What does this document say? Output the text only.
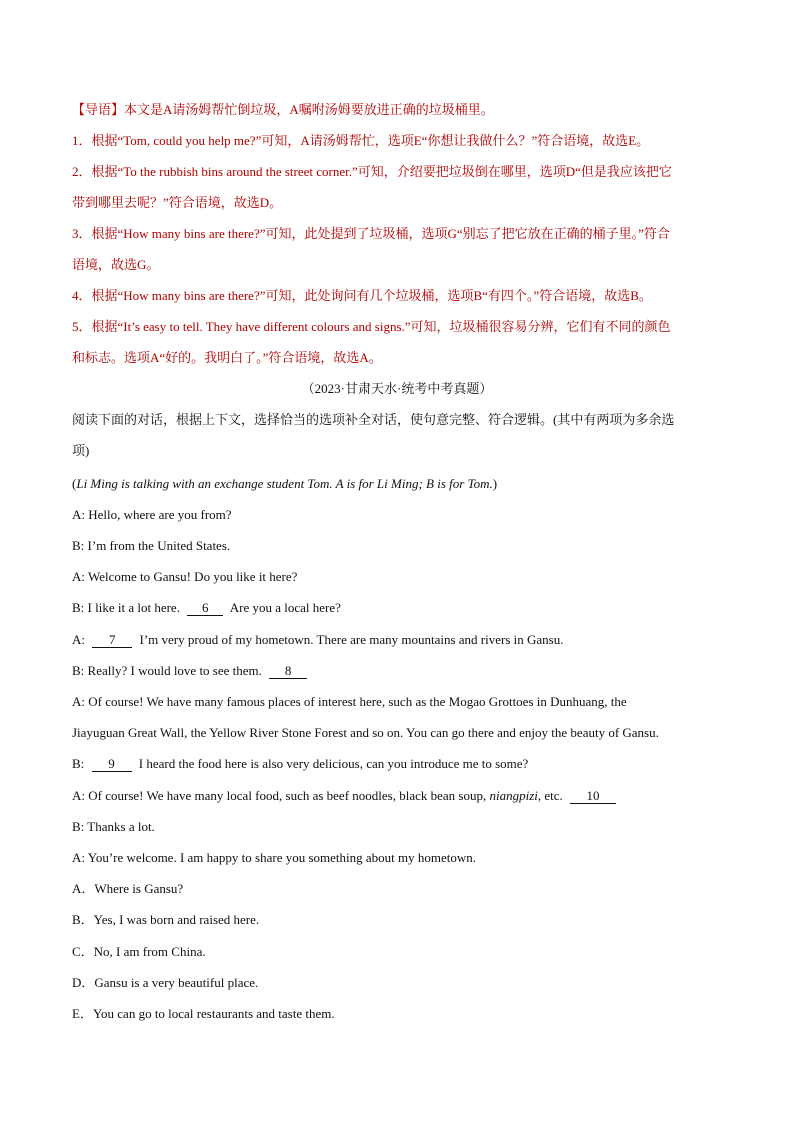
【导语】本文是A请汤姆帮忙倒垃圾，A嘱咐汤姆要放进正确的垃圾桶里。
1．根据“Tom, could you help me?”可知，A请汤姆帮忙，选项E“你想让我做什么？”符合语境，故选E。
2．根据“To the rubbish bins around the street corner.”可知，介绍要把垃圾倒在哪里，选项D“但是我应该把它
带到哪里去呢？”符合语境，故选D。
3．根据“How many bins are there?”可知，此处提到了垃圾桶，选项G“别忘了把它放在正确的桶子里。”符合
语境，故选G。
4．根据“How many bins are there?”可知，此处询问有几个垃圾桶，选项B“有四个。”符合语境，故选B。
5．根据“It’s easy to tell. They have different colours and signs.”可知，垃圾桶很容易分辨，它们有不同的颜色
和标志。选项A“好的。我明白了。”符合语境，故选A。
（2023·甘肃天水·统考中考真题）
阅读下面的对话，根据上下文，选择恰当的选项补全对话，使句意完整、符合逻辑。(其中有两项为多余选
项)
(Li Ming is talking with an exchange student Tom. A is for Li Ming; B is for Tom.)
A: Hello, where are you from?
B: I’m from the United States.
A: Welcome to Gansu! Do you like it here?
B: I like it a lot here. 6 Are you a local here?
A: 7 I’m very proud of my hometown. There are many mountains and rivers in Gansu.
B: Really? I would love to see them. 8
A: Of course! We have many famous places of interest here, such as the Mogao Grottoes in Dunhuang, the
Jiayuguan Great Wall, the Yellow River Stone Forest and so on. You can go there and enjoy the beauty of Gansu.
B: 9 I heard the food here is also very delicious, can you introduce me to some?
A: Of course! We have many local food, such as beef noodles, black bean soup, niangpizi, etc. 10
B: Thanks a lot.
A: You’re welcome. I am happy to share you something about my hometown.
A．Where is Gansu?
B．Yes, I was born and raised here.
C．No, I am from China.
D．Gansu is a very beautiful place.
E．You can go to local restaurants and taste them.
